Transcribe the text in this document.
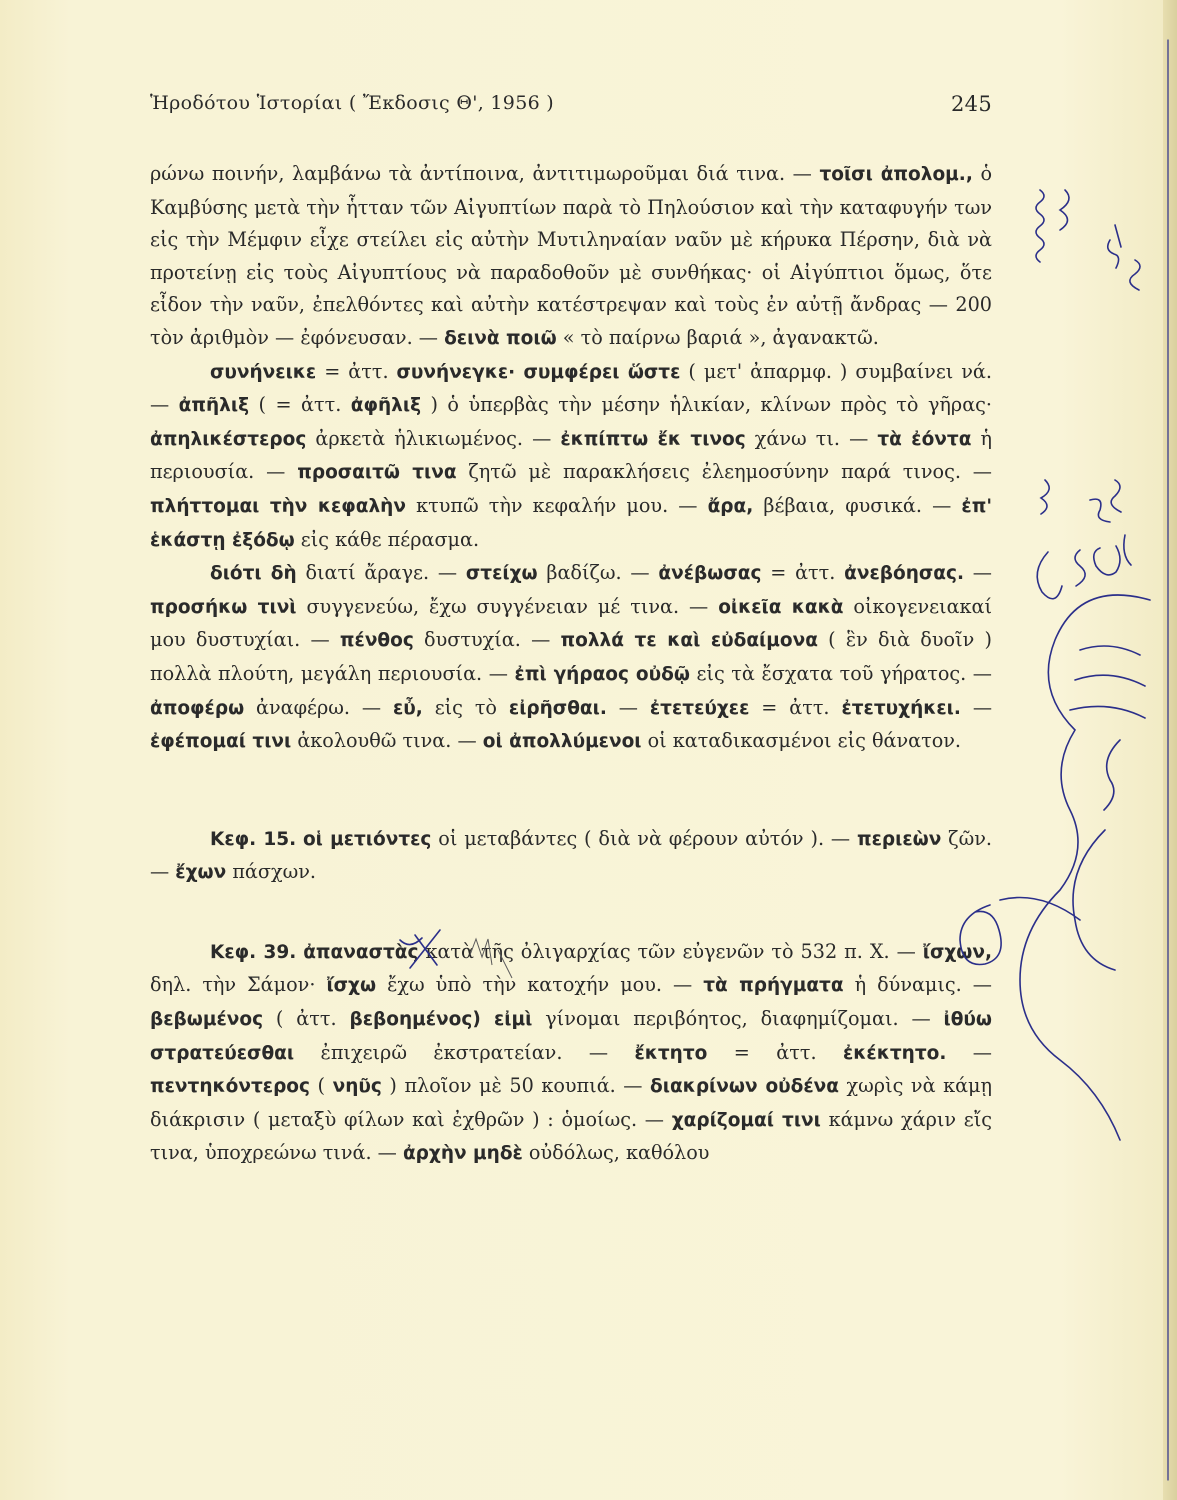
Ἡροδότου Ἱστορίαι ( Ἔκδοσις Θ', 1956 )	245

ρώνω ποινήν, λαμβάνω τὰ ἀντίποινα, ἀντιτιμωροῦμαι διά τινα. — τοῖσι ἀπολομ., ὁ Καμβύσης μετὰ τὴν ἧτταν τῶν Αἰγυπτίων παρὰ τὸ Πηλούσιον καὶ τὴν καταφυγήν των εἰς τὴν Μέμφιν εἶχε στείλει εἰς αὐτὴν Μυτιληναίαν ναῦν μὲ κήρυκα Πέρσην, διὰ νὰ προτείνῃ εἰς τοὺς Αἰγυπτίους νὰ παραδοθοῦν μὲ συνθήκας· οἱ Αἰγύπτιοι ὅμως, ὅτε εἶδον τὴν ναῦν, ἐπελθόντες καὶ αὐτὴν κατέστρεψαν καὶ τοὺς ἐν αὐτῇ ἄνδρας — 200 τὸν ἀριθμὸν — ἐφόνευσαν. — δεινὰ ποιῶ « τὸ παίρνω βαριά », ἀγανακτῶ.

συνήνεικε = ἀττ. συνήνεγκε· συμφέρει ὥστε ( μετ' ἀπαρμφ. ) συμβαίνει νά. — ἀπῆλιξ ( = ἀττ. ἀφῆλιξ ) ὁ ὑπερβὰς τὴν μέσην ἡλικίαν, κλίνων πρὸς τὸ γῆρας· ἀπηλικέστερος ἀρκετὰ ἡλικιωμένος. — ἐκπίπτω ἔκ τινος χάνω τι. — τὰ ἐόντα ἡ περιουσία. — προσαιτῶ τινα ζητῶ μὲ παρακλήσεις ἐλεημοσύνην παρά τινος. — πλήττομαι τὴν κεφαλὴν κτυπῶ τὴν κεφαλήν μου. — ἄρα, βέβαια, φυσικά. — ἐπ' ἑκάστῃ ἐξόδῳ εἰς κάθε πέρασμα.

διότι δὴ διατί ἄραγε. — στείχω βαδίζω. — ἀνέβωσας = ἀττ. ἀνεβόησας. — προσήκω τινὶ συγγενεύω, ἔχω συγγένειαν μέ τινα. — οἰκεῖα κακὰ οἰκογενειακαί μου δυστυχίαι. — πένθος δυστυχία. — πολλά τε καὶ εὐδαίμονα ( ἓν διὰ δυοῖν ) πολλὰ πλούτη, μεγάλη περιουσία. — ἐπὶ γήραος οὐδῷ εἰς τὰ ἔσχατα τοῦ γήρατος. — ἀποφέρω ἀναφέρω. — εὖ, εἰς τὸ εἰρῆσθαι. — ἐτετεύχεε = ἀττ. ἐτετυχήκει. — ἐφέπομαί τινι ἀκολουθῶ τινα. — οἱ ἀπολλύμενοι οἱ καταδικασμένοι εἰς θάνατον.

Κεφ. 15. οἱ μετιόντες οἱ μεταβάντες ( διὰ νὰ φέρουν αὐτόν ). — περιεὼν ζῶν. — ἔχων πάσχων.

Κεφ. 39. ἀπαναστὰς κατὰ τῆς ὀλιγαρχίας τῶν εὐγενῶν τὸ 532 π. Χ. — ἴσχων, δηλ. τὴν Σάμον· ἴσχω ἔχω ὑπὸ τὴν κατοχήν μου. — τὰ πρήγματα ἡ δύναμις. — βεβωμένος ( ἀττ. βεβοημένος) εἰμὶ γίνομαι περιβόητος, διαφημίζομαι. — ἰθύω στρατεύεσθαι ἐπιχειρῶ ἐκστρατείαν. — ἔκτητο = ἀττ. ἐκέκτητο. — πεντηκόντερος ( νηῦς ) πλοῖον μὲ 50 κουπιά. — διακρίνων οὐδένα χωρὶς νὰ κάμῃ διάκρισιν ( μεταξὺ φίλων καὶ ἐχθρῶν ) : ὁμοίως. — χαρίζομαί τινι κάμνω χάριν εἴς τινα, ὑποχρεώνω τινά. — ἀρχὴν μηδὲ οὐδόλως, καθόλου
